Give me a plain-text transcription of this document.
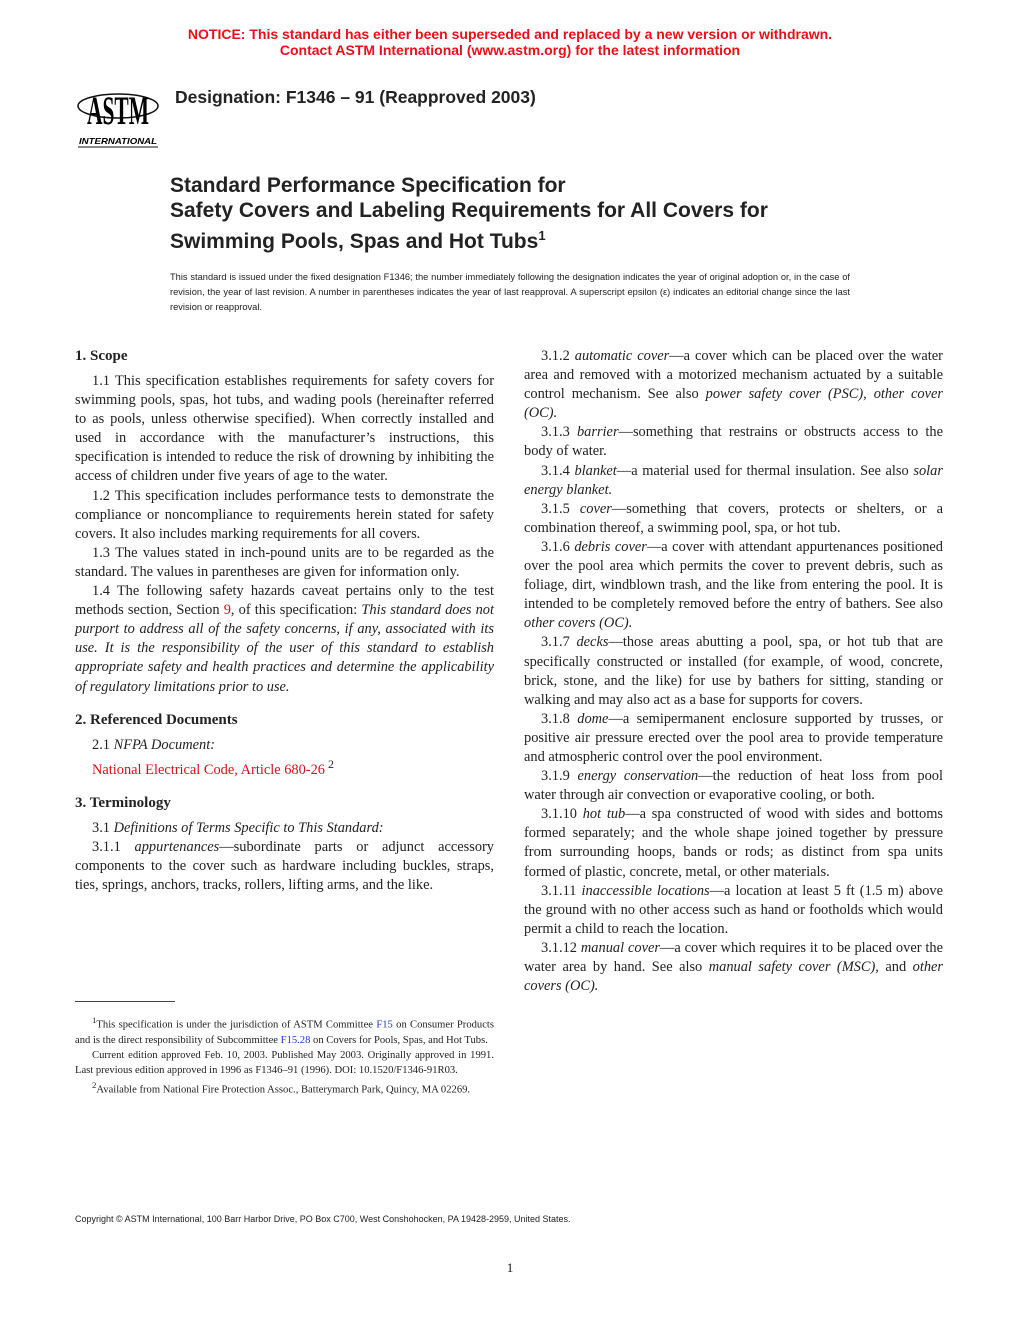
NOTICE: This standard has either been superseded and replaced by a new version or withdrawn.
Contact ASTM International (www.astm.org) for the latest information
ASTM
INTERNATIONAL
Designation: F1346 – 91 (Reapproved 2003)
Standard Performance Specification for
Safety Covers and Labeling Requirements for All Covers for
Swimming Pools, Spas and Hot Tubs$^1$
This standard is issued under the fixed designation F1346; the number immediately following the designation indicates the year of original adoption or, in the case of revision, the year of last revision. A number in parentheses indicates the year of last reapproval. A superscript epsilon (ε) indicates an editorial change since the last revision or reapproval.
1. Scope

1.1 This specification establishes requirements for safety covers for swimming pools, spas, hot tubs, and wading pools (hereinafter referred to as pools, unless otherwise specified). When correctly installed and used in accordance with the manufacturer’s instructions, this specification is intended to reduce the risk of drowning by inhibiting the access of children under five years of age to the water.

1.2 This specification includes performance tests to demonstrate the compliance or noncompliance to requirements herein stated for safety covers. It also includes marking requirements for all covers.

1.3 The values stated in inch-pound units are to be regarded as the standard. The values in parentheses are given for information only.

1.4 The following safety hazards caveat pertains only to the test methods section, Section 9, of this specification: This standard does not purport to address all of the safety concerns, if any, associated with its use. It is the responsibility of the user of this standard to establish appropriate safety and health practices and determine the applicability of regulatory limitations prior to use.

2. Referenced Documents

2.1 NFPA Document:

National Electrical Code, Article 680-26 $^2$

3. Terminology

3.1 Definitions of Terms Specific to This Standard:

3.1.1 appurtenances—subordinate parts or adjunct accessory components to the cover such as hardware including buckles, straps, ties, springs, anchors, tracks, rollers, lifting arms, and the like.

3.1.2 automatic cover—a cover which can be placed over the water area and removed with a motorized mechanism actuated by a suitable control mechanism. See also power safety cover (PSC), other cover (OC).

3.1.3 barrier—something that restrains or obstructs access to the body of water.

3.1.4 blanket—a material used for thermal insulation. See also solar energy blanket.

3.1.5 cover—something that covers, protects or shelters, or a combination thereof, a swimming pool, spa, or hot tub.

3.1.6 debris cover—a cover with attendant appurtenances positioned over the pool area which permits the cover to prevent debris, such as foliage, dirt, windblown trash, and the like from entering the pool. It is intended to be completely removed before the entry of bathers. See also other covers (OC).

3.1.7 decks—those areas abutting a pool, spa, or hot tub that are specifically constructed or installed (for example, of wood, concrete, brick, stone, and the like) for use by bathers for sitting, standing or walking and may also act as a base for supports for covers.

3.1.8 dome—a semipermanent enclosure supported by trusses, or positive air pressure erected over the pool area to provide temperature and atmospheric control over the pool environment.

3.1.9 energy conservation—the reduction of heat loss from pool water through air convection or evaporative cooling, or both.

3.1.10 hot tub—a spa constructed of wood with sides and bottoms formed separately; and the whole shape joined together by pressure from surrounding hoops, bands or rods; as distinct from spa units formed of plastic, concrete, metal, or other materials.

3.1.11 inaccessible locations—a location at least 5 ft (1.5 m) above the ground with no other access such as hand or footholds which would permit a child to reach the location.

3.1.12 manual cover—a cover which requires it to be placed over the water area by hand. See also manual safety cover (MSC), and other covers (OC).

$^1$This specification is under the jurisdiction of ASTM Committee F15 on Consumer Products and is the direct responsibility of Subcommittee F15.28 on Covers for Pools, Spas, and Hot Tubs.

Current edition approved Feb. 10, 2003. Published May 2003. Originally approved in 1991. Last previous edition approved in 1996 as F1346–91 (1996). DOI: 10.1520/F1346-91R03.

$^2$Available from National Fire Protection Assoc., Batterymarch Park, Quincy, MA 02269.

Copyright © ASTM International, 100 Barr Harbor Drive, PO Box C700, West Conshohocken, PA 19428-2959, United States.
1
